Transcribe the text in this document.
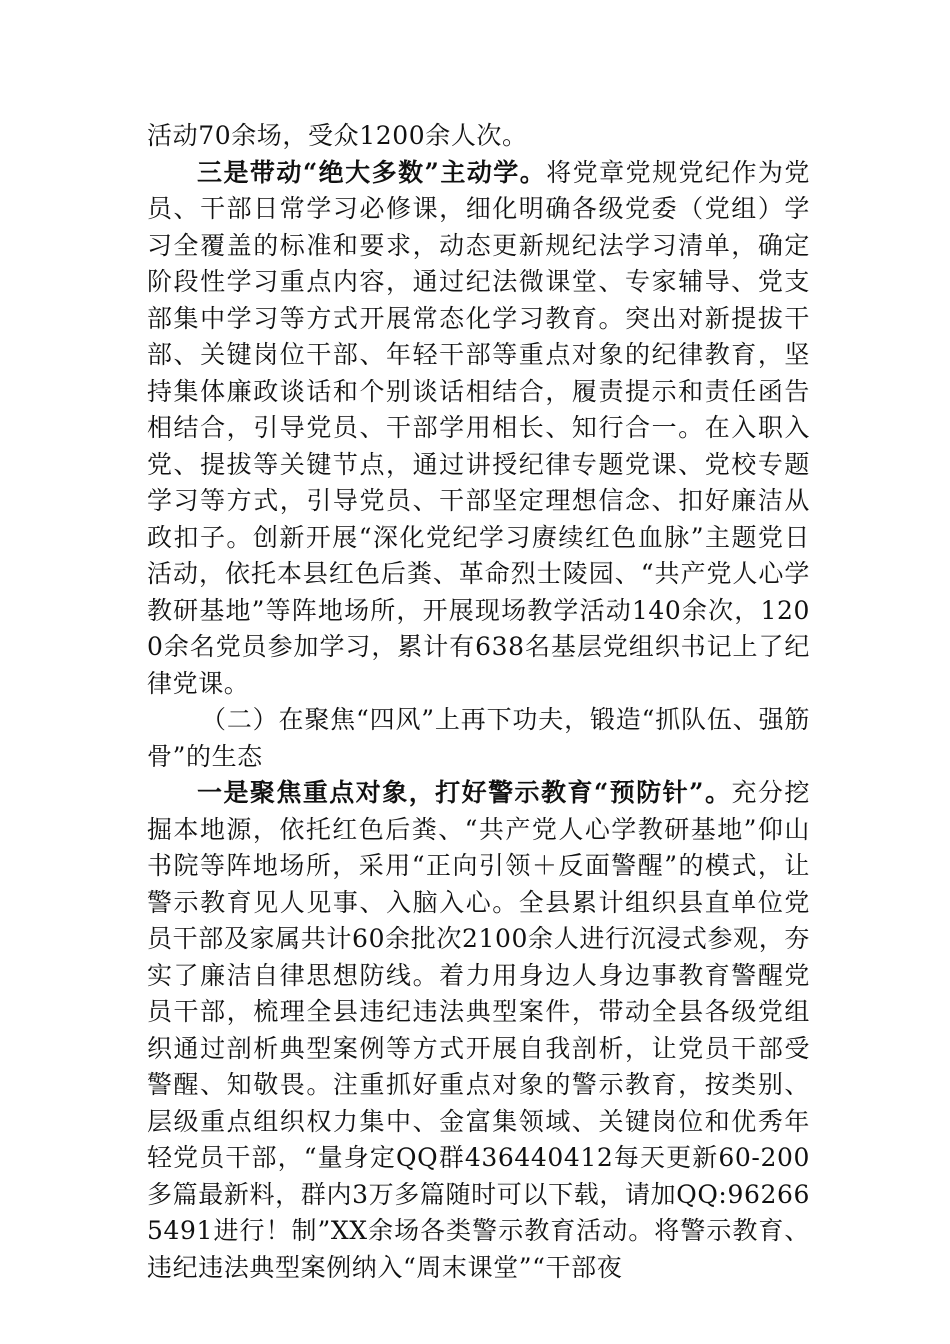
活动70余场，受众1200余人次。

三是带动“绝大多数”主动学。将党章党规党纪作为党员、干部日常学习必修课，细化明确各级党委（党组）学习全覆盖的标准和要求，动态更新规纪法学习清单，确定阶段性学习重点内容，通过纪法微课堂、专家辅导、党支部集中学习等方式开展常态化学习教育。突出对新提拔干部、关键岗位干部、年轻干部等重点对象的纪律教育，坚持集体廉政谈话和个别谈话相结合，履责提示和责任函告相结合，引导党员、干部学用相长、知行合一。在入职入党、提拔等关键节点，通过讲授纪律专题党课、党校专题学习等方式，引导党员、干部坚定理想信念、扣好廉洁从政扣子。创新开展“深化党纪学习赓续红色血脉”主题党日活动，依托本县红色后粪、革命烈士陵园、“共产党人心学教研基地”等阵地场所，开展现场教学活动140余次，1200余名党员参加学习，累计有638名基层党组织书记上了纪律党课。

（二）在聚焦“四风”上再下功夫，锻造“抓队伍、强筋骨”的生态

一是聚焦重点对象，打好警示教育“预防针”。充分挖掘本地源，依托红色后粪、“共产党人心学教研基地”仰山书院等阵地场所，采用“正向引领＋反面警醒”的模式，让警示教育见人见事、入脑入心。全县累计组织县直单位党员干部及家属共计60余批次2100余人进行沉浸式参观，夯实了廉洁自律思想防线。着力用身边人身边事教育警醒党员干部，梳理全县违纪违法典型案件，带动全县各级党组织通过剖析典型案例等方式开展自我剖析，让党员干部受警醒、知敬畏。注重抓好重点对象的警示教育，按类别、层级重点组织权力集中、金富集领域、关键岗位和优秀年轻党员干部，“量身定QQ群436440412每天更新60-200多篇最新料，群内3万多篇随时可以下载，请加QQ:962665491进行！制”XX余场各类警示教育活动。将警示教育、违纪违法典型案例纳入“周末课堂”“干部夜
